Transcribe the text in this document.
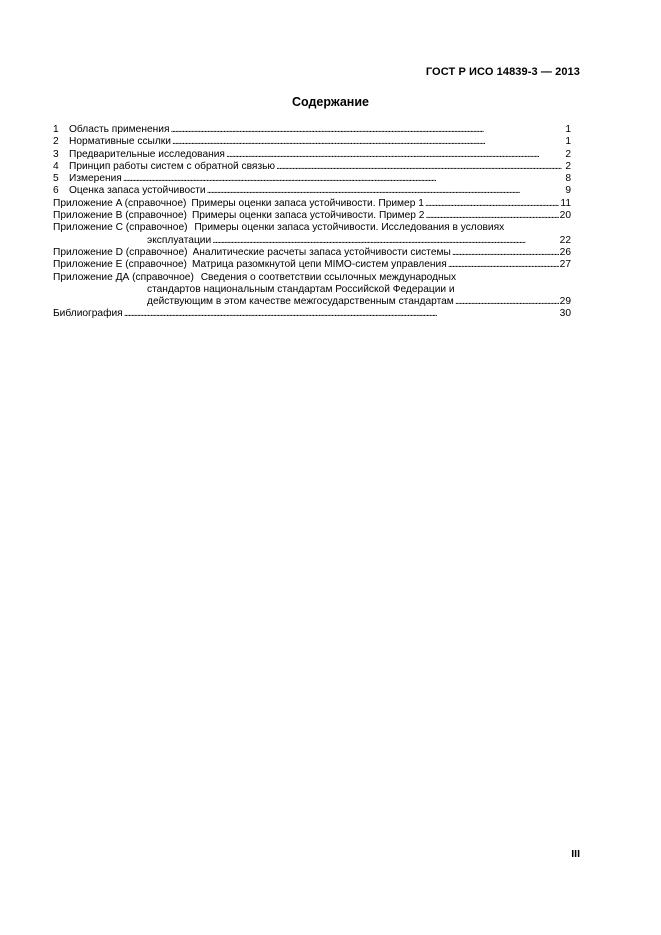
ГОСТ Р ИСО 14839-3 — 2013
Содержание
1	Область применения . . .	1
2	Нормативные ссылки . . .	1
3	Предварительные исследования . . .	2
4	Принцип работы систем с обратной связью . . .	2
5	Измерения . . .	8
6	Оценка запаса устойчивости . . .	9
Приложение A (справочное) Примеры оценки запаса устойчивости. Пример 1 . . .	11
Приложение B (справочное) Примеры оценки запаса устойчивости. Пример 2 . . .	20
Приложение C (справочное) Примеры оценки запаса устойчивости. Исследования в условиях
эксплуатации . . .	22
Приложение D (справочное) Аналитические расчеты запаса устойчивости системы . . .	26
Приложение E (справочное) Матрица разомкнутой цепи MIMO-систем управления . . .	27
Приложение ДА (справочное) Сведения о соответствии ссылочных международных
стандартов национальным стандартам Российской Федерации и
действующим в этом качестве межгосударственным стандартам . . .	29
Библиография . . .	30
III
